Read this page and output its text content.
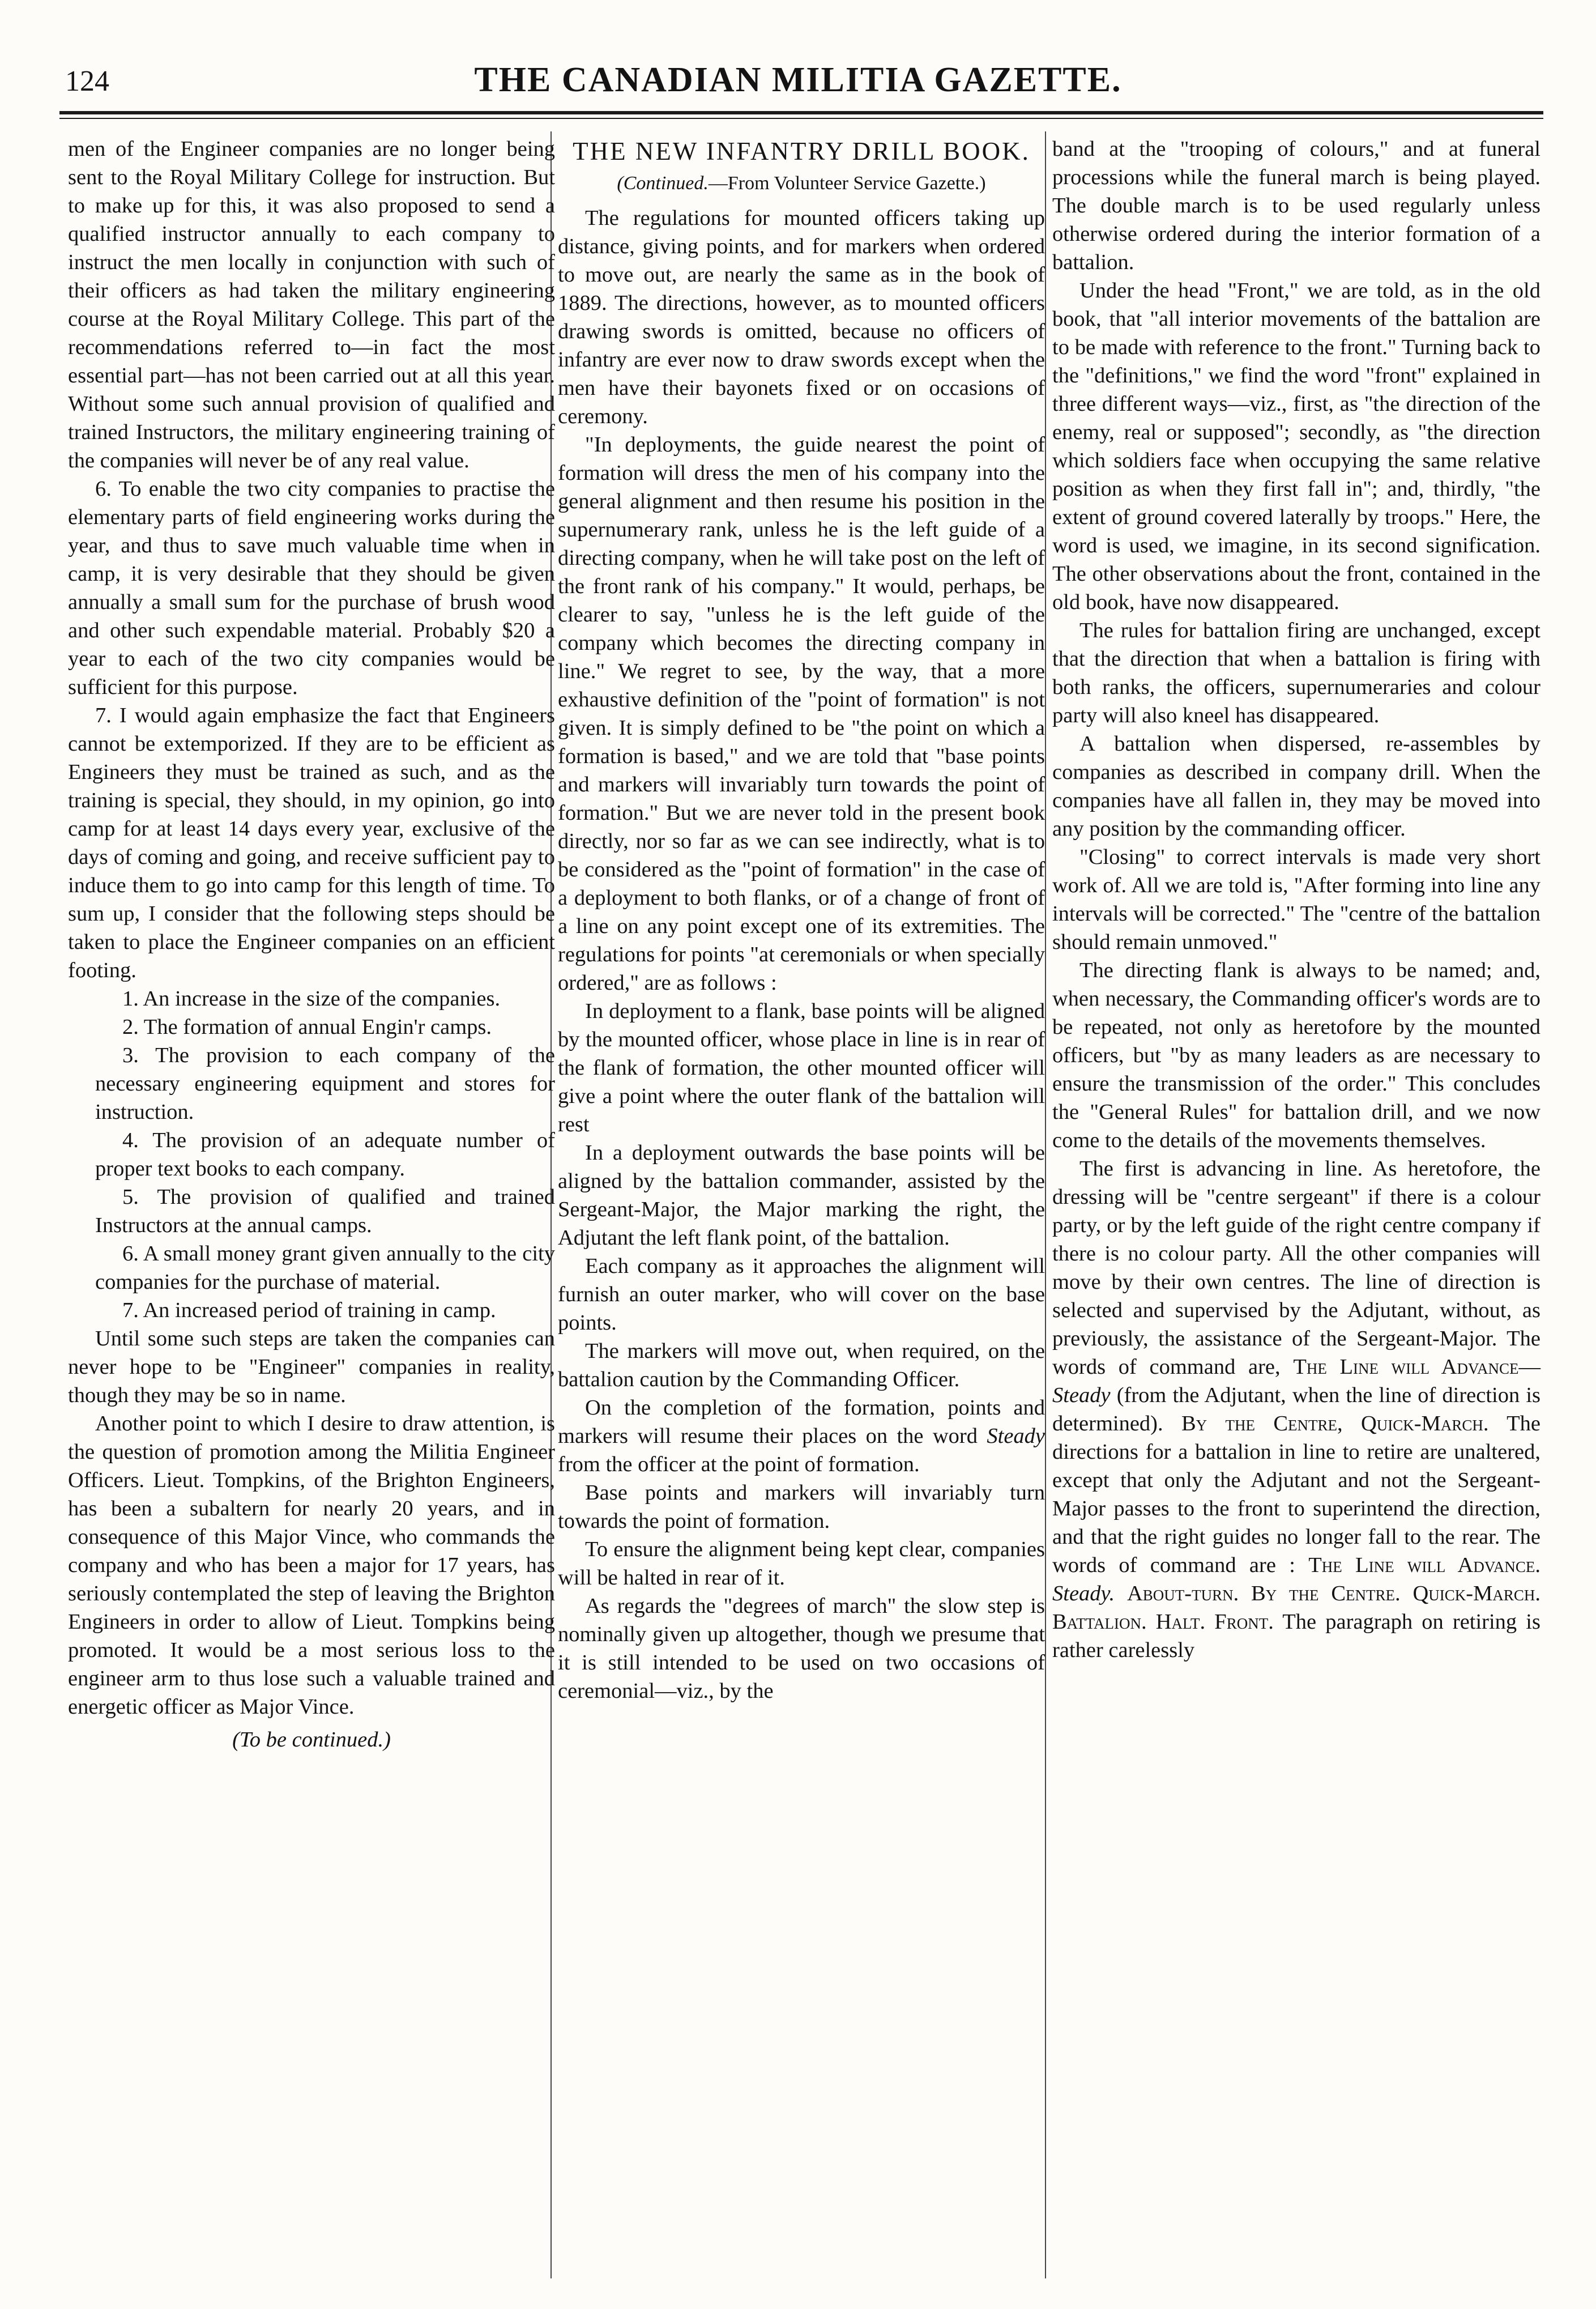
124	THE CANADIAN MILITIA GAZETTE.

men of the Engineer companies are no longer being sent to the Royal Military College for instruction. But to make up for this, it was also proposed to send a qualified instructor annually to each company to instruct the men locally in conjunction with such of their officers as had taken the military engineering course at the Royal Military College. This part of the recommendations referred to—in fact the most essential part—has not been carried out at all this year. Without some such annual provision of qualified and trained Instructors, the military engineering training of the companies will never be of any real value.

6. To enable the two city companies to practise the elementary parts of field engineering works during the year, and thus to save much valuable time when in camp, it is very desirable that they should be given annually a small sum for the purchase of brush wood and other such expendable material. Probably $20 a year to each of the two city companies would be sufficient for this purpose.

7. I would again emphasize the fact that Engineers cannot be extemporized. If they are to be efficient as Engineers they must be trained as such, and as the training is special, they should, in my opinion, go into camp for at least 14 days every year, exclusive of the days of coming and going, and receive sufficient pay to induce them to go into camp for this length of time. To sum up, I consider that the following steps should be taken to place the Engineer companies on an efficient footing.

1. An increase in the size of the companies.

2. The formation of annual Engin'r camps.

3. The provision to each company of the necessary engineering equipment and stores for instruction.

4. The provision of an adequate number of proper text books to each company.

5. The provision of qualified and trained Instructors at the annual camps.

6. A small money grant given annually to the city companies for the purchase of material.

7. An increased period of training in camp.

Until some such steps are taken the companies can never hope to be "Engineer" companies in reality, though they may be so in name.

Another point to which I desire to draw attention, is the question of promotion among the Militia Engineer Officers. Lieut. Tompkins, of the Brighton Engineers, has been a subaltern for nearly 20 years, and in consequence of this Major Vince, who commands the company and who has been a major for 17 years, has seriously contemplated the step of leaving the Brighton Engineers in order to allow of Lieut. Tompkins being promoted. It would be a most serious loss to the engineer arm to thus lose such a valuable trained and energetic officer as Major Vince.

(To be continued.)
THE NEW INFANTRY DRILL BOOK.
(Continued.—From Volunteer Service Gazette.)

The regulations for mounted officers taking up distance, giving points, and for markers when ordered to move out, are nearly the same as in the book of 1889. The directions, however, as to mounted officers drawing swords is omitted, because no officers of infantry are ever now to draw swords except when the men have their bayonets fixed or on occasions of ceremony.

"In deployments, the guide nearest the point of formation will dress the men of his company into the general alignment and then resume his position in the supernumerary rank, unless he is the left guide of a directing company, when he will take post on the left of the front rank of his company." It would, perhaps, be clearer to say, "unless he is the left guide of the company which becomes the directing company in line." We regret to see, by the way, that a more exhaustive definition of the "point of formation" is not given. It is simply defined to be "the point on which a formation is based," and we are told that "base points and markers will invariably turn towards the point of formation." But we are never told in the present book directly, nor so far as we can see indirectly, what is to be considered as the "point of formation" in the case of a deployment to both flanks, or of a change of front of a line on any point except one of its extremities. The regulations for points "at ceremonials or when specially ordered," are as follows :

In deployment to a flank, base points will be aligned by the mounted officer, whose place in line is in rear of the flank of formation, the other mounted officer will give a point where the outer flank of the battalion will rest

In a deployment outwards the base points will be aligned by the battalion commander, assisted by the Sergeant-Major, the Major marking the right, the Adjutant the left flank point, of the battalion.

Each company as it approaches the alignment will furnish an outer marker, who will cover on the base points.

The markers will move out, when required, on the battalion caution by the Commanding Officer.

On the completion of the formation, points and markers will resume their places on the word Steady from the officer at the point of formation.

Base points and markers will invariably turn towards the point of formation.

To ensure the alignment being kept clear, companies will be halted in rear of it.

As regards the "degrees of march" the slow step is nominally given up altogether, though we presume that it is still intended to be used on two occasions of ceremonial—viz., by the

band at the "trooping of colours," and at funeral processions while the funeral march is being played. The double march is to be used regularly unless otherwise ordered during the interior formation of a battalion.

Under the head "Front," we are told, as in the old book, that "all interior movements of the battalion are to be made with reference to the front." Turning back to the "definitions," we find the word "front" explained in three different ways—viz., first, as "the direction of the enemy, real or supposed"; secondly, as "the direction which soldiers face when occupying the same relative position as when they first fall in"; and, thirdly, "the extent of ground covered laterally by troops." Here, the word is used, we imagine, in its second signification. The other observations about the front, contained in the old book, have now disappeared.

The rules for battalion firing are unchanged, except that the direction that when a battalion is firing with both ranks, the officers, supernumeraries and colour party will also kneel has disappeared.

A battalion when dispersed, re-assembles by companies as described in company drill. When the companies have all fallen in, they may be moved into any position by the commanding officer.

"Closing" to correct intervals is made very short work of. All we are told is, "After forming into line any intervals will be corrected." The "centre of the battalion should remain unmoved."

The directing flank is always to be named; and, when necessary, the Commanding officer's words are to be repeated, not only as heretofore by the mounted officers, but "by as many leaders as are necessary to ensure the transmission of the order." This concludes the "General Rules" for battalion drill, and we now come to the details of the movements themselves.

The first is advancing in line. As heretofore, the dressing will be "centre sergeant" if there is a colour party, or by the left guide of the right centre company if there is no colour party. All the other companies will move by their own centres. The line of direction is selected and supervised by the Adjutant, without, as previously, the assistance of the Sergeant-Major. The words of command are, The Line will Advance—Steady (from the Adjutant, when the line of direction is determined). By the Centre, Quick-March. The directions for a battalion in line to retire are unaltered, except that only the Adjutant and not the Sergeant-Major passes to the front to superintend the direction, and that the right guides no longer fall to the rear. The words of command are : The Line will Advance. Steady. About-turn. By the Centre. Quick-March. Battalion. Halt. Front. The paragraph on retiring is rather carelessly
